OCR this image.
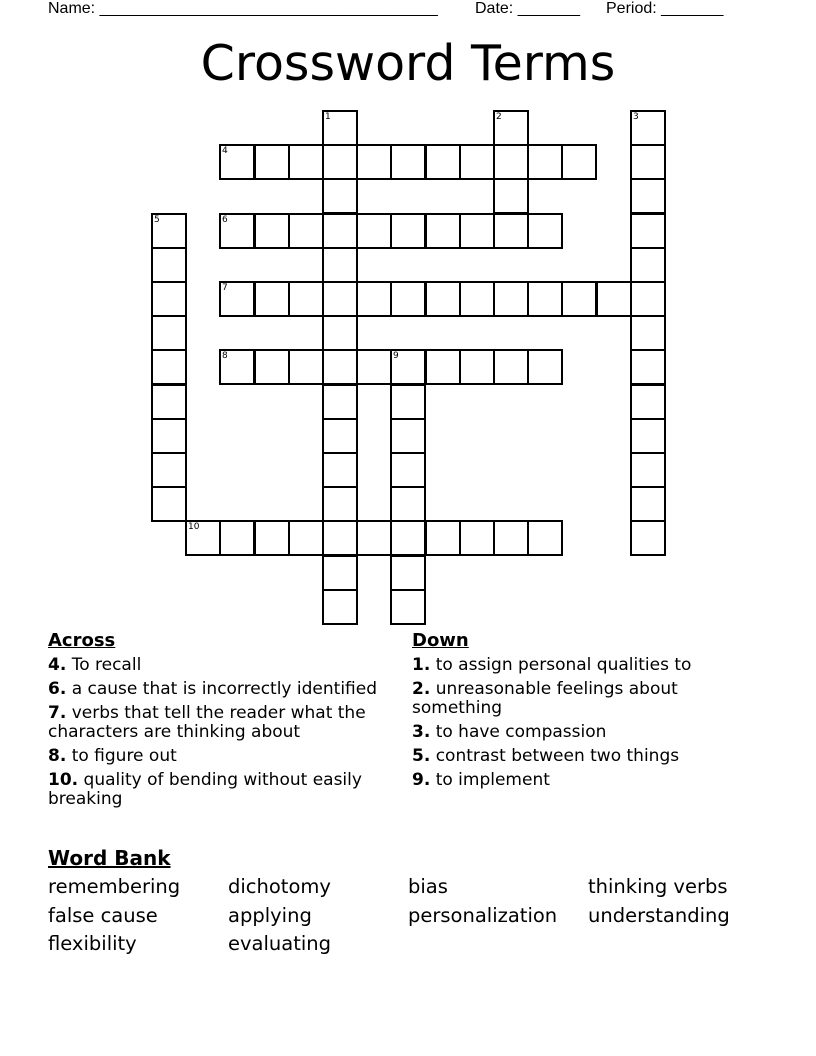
Name: ______________________________________ Date: _______ Period: _______
Crossword Terms
1	2	3
4
5	6
7
8	9
10
Across
4. To recall
6. a cause that is incorrectly identified
7. verbs that tell the reader what the characters are thinking about
8. to figure out
10. quality of bending without easily breaking
Down
1. to assign personal qualities to
2. unreasonable feelings about something
3. to have compassion
5. contrast between two things
9. to implement
Word Bank
remembering	dichotomy	bias	thinking verbs
false cause	applying	personalization	understanding
flexibility	evaluating
